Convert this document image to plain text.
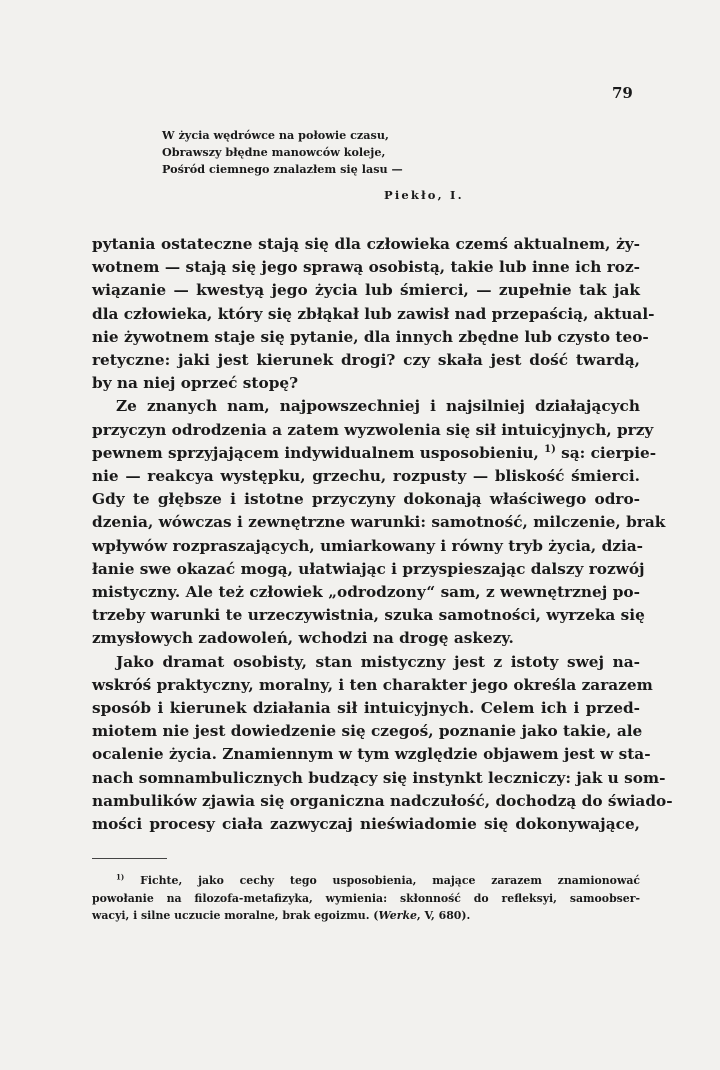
79
W życia wędrówce na połowie czasu,
Obrawszy błędne manowców koleje,
Pośród ciemnego znalazłem się lasu —
Piekło, I.
pytania ostateczne stają się dla człowieka czemś aktualnem, ży-
wotnem — stają się jego sprawą osobistą, takie lub inne ich roz-
wiązanie — kwestyą jego życia lub śmierci, — zupełnie tak jak
dla człowieka, który się zbłąkał lub zawisł nad przepaścią, aktual-
nie żywotnem staje się pytanie, dla innych zbędne lub czysto teo-
retyczne: jaki jest kierunek drogi? czy skała jest dość twardą,
by na niej oprzeć stopę?
Ze znanych nam, najpowszechniej i najsilniej działających
przyczyn odrodzenia a zatem wyzwolenia się sił intuicyjnych, przy
pewnem sprzyjającem indywidualnem usposobieniu, $^{1)}$ są: cierpie-
nie — reakcya występku, grzechu, rozpusty — bliskość śmierci.
Gdy te głębsze i istotne przyczyny dokonają właściwego odro-
dzenia, wówczas i zewnętrzne warunki: samotność, milczenie, brak
wpływów rozpraszających, umiarkowany i równy tryb życia, dzia-
łanie swe okazać mogą, ułatwiając i przyspieszając dalszy rozwój
mistyczny. Ale też człowiek „odrodzony“ sam, z wewnętrznej po-
trzeby warunki te urzeczywistnia, szuka samotności, wyrzeka się
zmysłowych zadowoleń, wchodzi na drogę askezy.
Jako dramat osobisty, stan mistyczny jest z istoty swej na-
wskróś praktyczny, moralny, i ten charakter jego określa zarazem
sposób i kierunek działania sił intuicyjnych. Celem ich i przed-
miotem nie jest dowiedzenie się czegoś, poznanie jako takie, ale
ocalenie życia. Znamiennym w tym względzie objawem jest w sta-
nach somnambulicznych budzący się instynkt leczniczy: jak u som-
nambulików zjawia się organiczna nadczułość, dochodzą do świado-
mości procesy ciała zazwyczaj nieświadomie się dokonywające,
$^{1)}$ Fichte, jako cechy tego usposobienia, mające zarazem znamionować
powołanie na filozofa-metafizyka, wymienia: skłonność do refleksyi, samoobser-
wacyi, i silne uczucie moralne, brak egoizmu. (Werke, V, 680).
